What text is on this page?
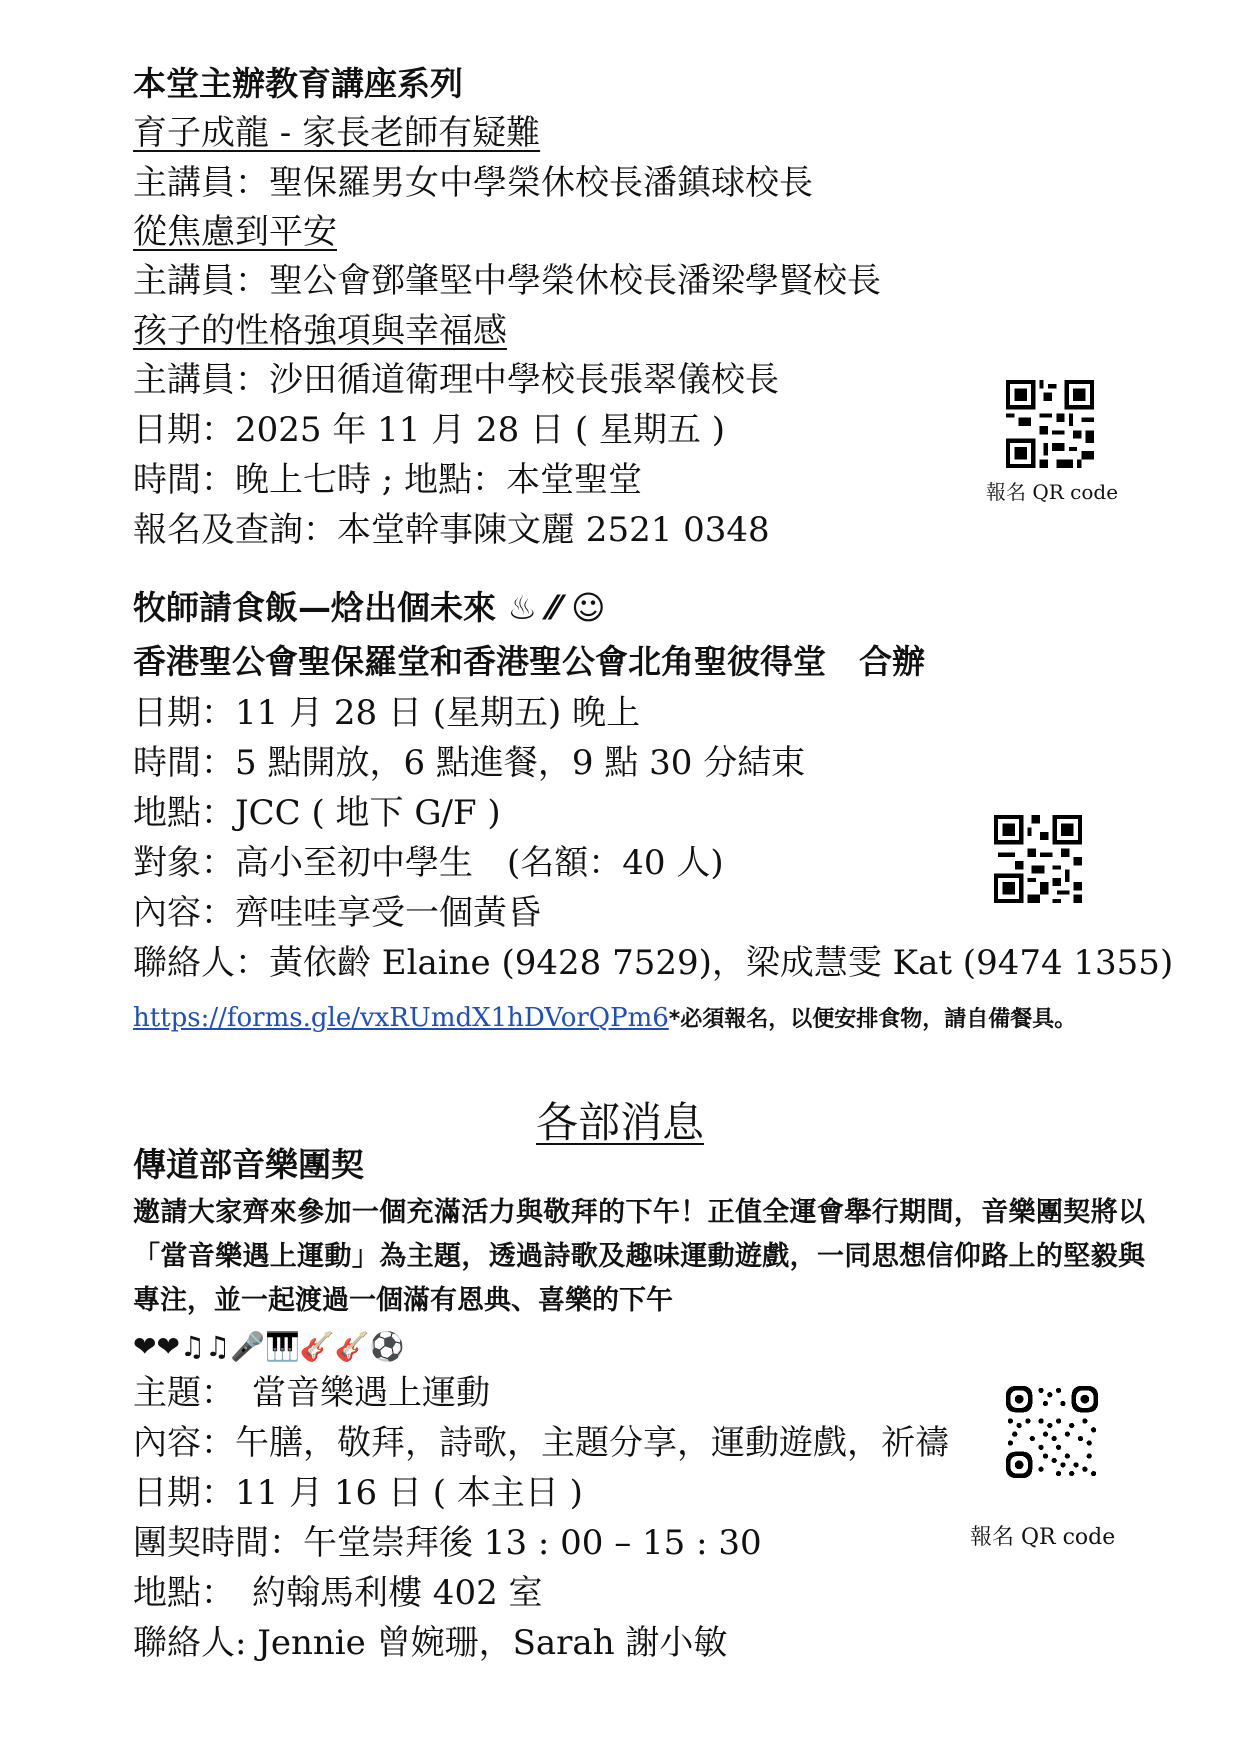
本堂主辦教育講座系列
育子成龍 - 家長老師有疑難
主講員：聖保羅男女中學榮休校長潘鎮球校長
從焦慮到平安
主講員：聖公會鄧肇堅中學榮休校長潘梁學賢校長
孩子的性格強項與幸福感
主講員：沙田循道衛理中學校長張翠儀校長
日期：2025 年 11 月 28 日 ( 星期五 )
時間：晚上七時 ; 地點：本堂聖堂
報名及查詢：本堂幹事陳文麗 2521 0348
報名 QR code
牧師請食飯—焓出個未來 ♨ ⁄⁄ ☺
香港聖公會聖保羅堂和香港聖公會北角聖彼得堂　合辦
日期：11 月 28 日 (星期五) 晚上
時間：5 點開放，6 點進餐，9 點 30 分結束
地點：JCC ( 地下 G/F )
對象：高小至初中學生　(名額：40 人)
內容：齊哇哇享受一個黃昏
聯絡人：黃依齡 Elaine (9428 7529)，梁成慧雯 Kat (9474 1355)
https://forms.gle/vxRUmdX1hDVorQPm6*必須報名，以便安排食物，請自備餐具。
各部消息
傳道部音樂團契
邀請大家齊來參加一個充滿活力與敬拜的下午！正值全運會舉行期間，音樂團契將以「當音樂遇上運動」為主題，透過詩歌及趣味運動遊戲，一同思想信仰路上的堅毅與專注，並一起渡過一個滿有恩典、喜樂的下午
❤❤♫♫🎤🎹🎸🎸⚽
主題：　當音樂遇上運動
內容：午膳，敬拜，詩歌，主題分享，運動遊戲，祈禱
日期：11 月 16 日 ( 本主日 )
團契時間：午堂崇拜後 13 : 00 – 15 : 30
地點：　約翰馬利樓 402 室
聯絡人: Jennie 曾婉珊，Sarah 謝小敏
報名 QR code
